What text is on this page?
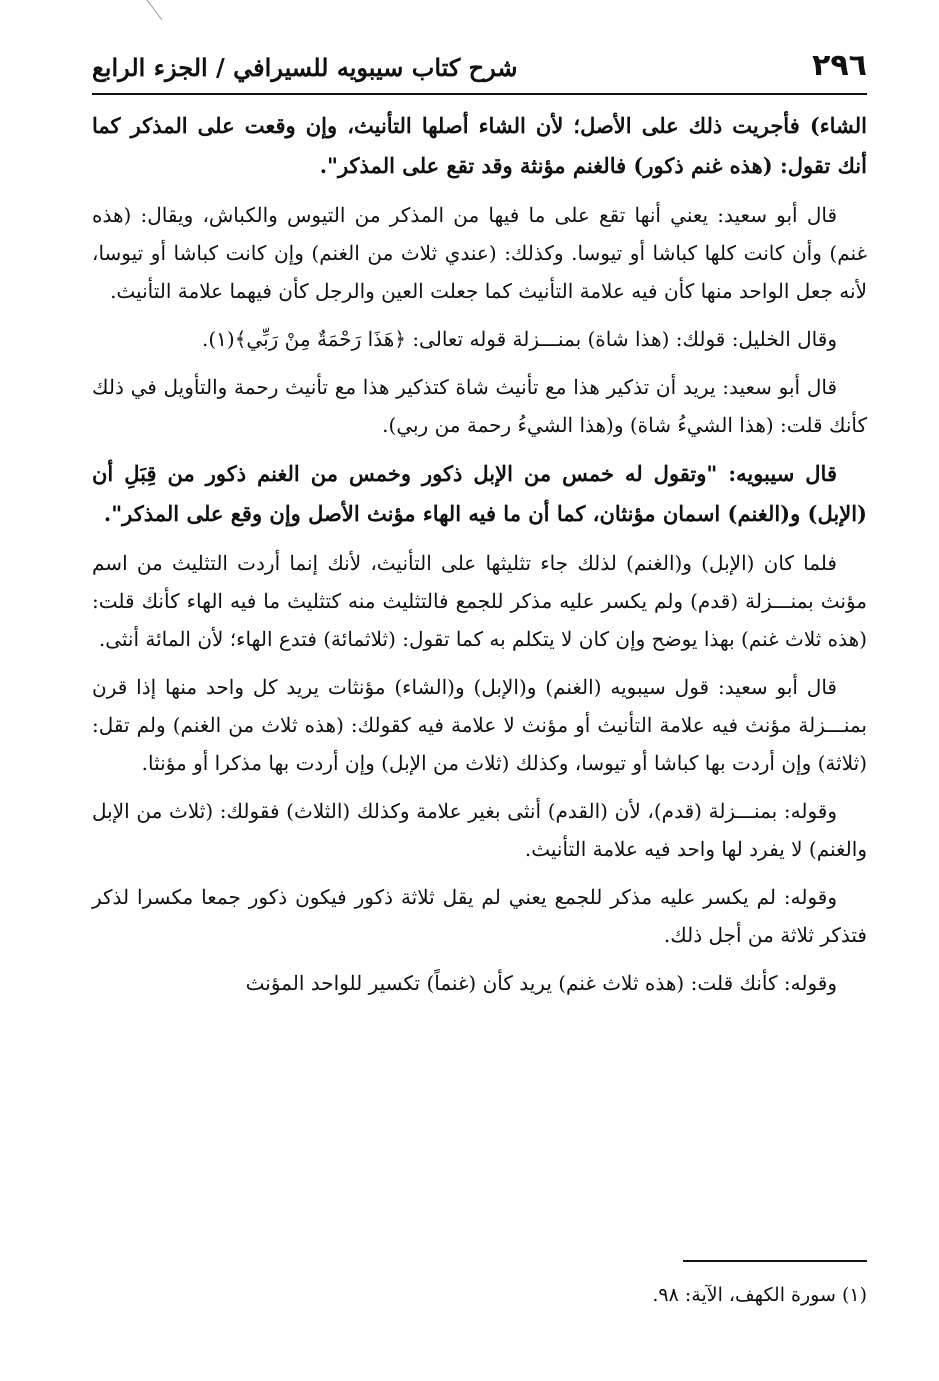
٢٩٦
شرح كتاب سيبويه للسيرافي / الجزء الرابع

الشاء) فأجريت ذلك على الأصل؛ لأن الشاء أصلها التأنيث، وإن وقعت على المذكر كما أنك تقول: (هذه غنم ذكور) فالغنم مؤنثة وقد تقع على المذكر".

قال أبو سعيد: يعني أنها تقع على ما فيها من المذكر من التيوس والكباش، ويقال: (هذه غنم) وأن كانت كلها كباشا أو تيوسا. وكذلك: (عندي ثلاث من الغنم) وإن كانت كباشا أو تيوسا، لأنه جعل الواحد منها كأن فيه علامة التأنيث كما جعلت العين والرجل كأن فيهما علامة التأنيث.

وقال الخليل: قولك: (هذا شاة) بمنـــزلة قوله تعالى: ﴿هَذَا رَحْمَةٌ مِنْ رَبِّي﴾(١).

قال أبو سعيد: يريد أن تذكير هذا مع تأنيث شاة كتذكير هذا مع تأنيث رحمة والتأويل في ذلك كأنك قلت: (هذا الشيءُ شاة) و(هذا الشيءُ رحمة من ربي).

قال سيبويه: "وتقول له خمس من الإبل ذكور وخمس من الغنم ذكور من قِبَلِ أن (الإبل) و(الغنم) اسمان مؤنثان، كما أن ما فيه الهاء مؤنث الأصل وإن وقع على المذكر".

فلما كان (الإبل) و(الغنم) لذلك جاء تثليثها على التأنيث، لأنك إنما أردت التثليث من اسم مؤنث بمنـــزلة (قدم) ولم يكسر عليه مذكر للجمع فالتثليث منه كتثليث ما فيه الهاء كأنك قلت: (هذه ثلاث غنم) بهذا يوضح وإن كان لا يتكلم به كما تقول: (ثلاثمائة) فتدع الهاء؛ لأن المائة أنثى.

قال أبو سعيد: قول سيبويه (الغنم) و(الإبل) و(الشاء) مؤنثات يريد كل واحد منها إذا قرن بمنـــزلة مؤنث فيه علامة التأنيث أو مؤنث لا علامة فيه كقولك: (هذه ثلاث من الغنم) ولم تقل: (ثلاثة) وإن أردت بها كباشا أو تيوسا، وكذلك (ثلاث من الإبل) وإن أردت بها مذكرا أو مؤنثا.

وقوله: بمنـــزلة (قدم)، لأن (القدم) أنثى بغير علامة وكذلك (الثلاث) فقولك: (ثلاث من الإبل والغنم) لا يفرد لها واحد فيه علامة التأنيث.

وقوله: لم يكسر عليه مذكر للجمع يعني لم يقل ثلاثة ذكور فيكون ذكور جمعا مكسرا لذكر فتذكر ثلاثة من أجل ذلك.

وقوله: كأنك قلت: (هذه ثلاث غنم) يريد كأن (غنماً) تكسير للواحد المؤنث

(١) سورة الكهف، الآية: ٩٨.
